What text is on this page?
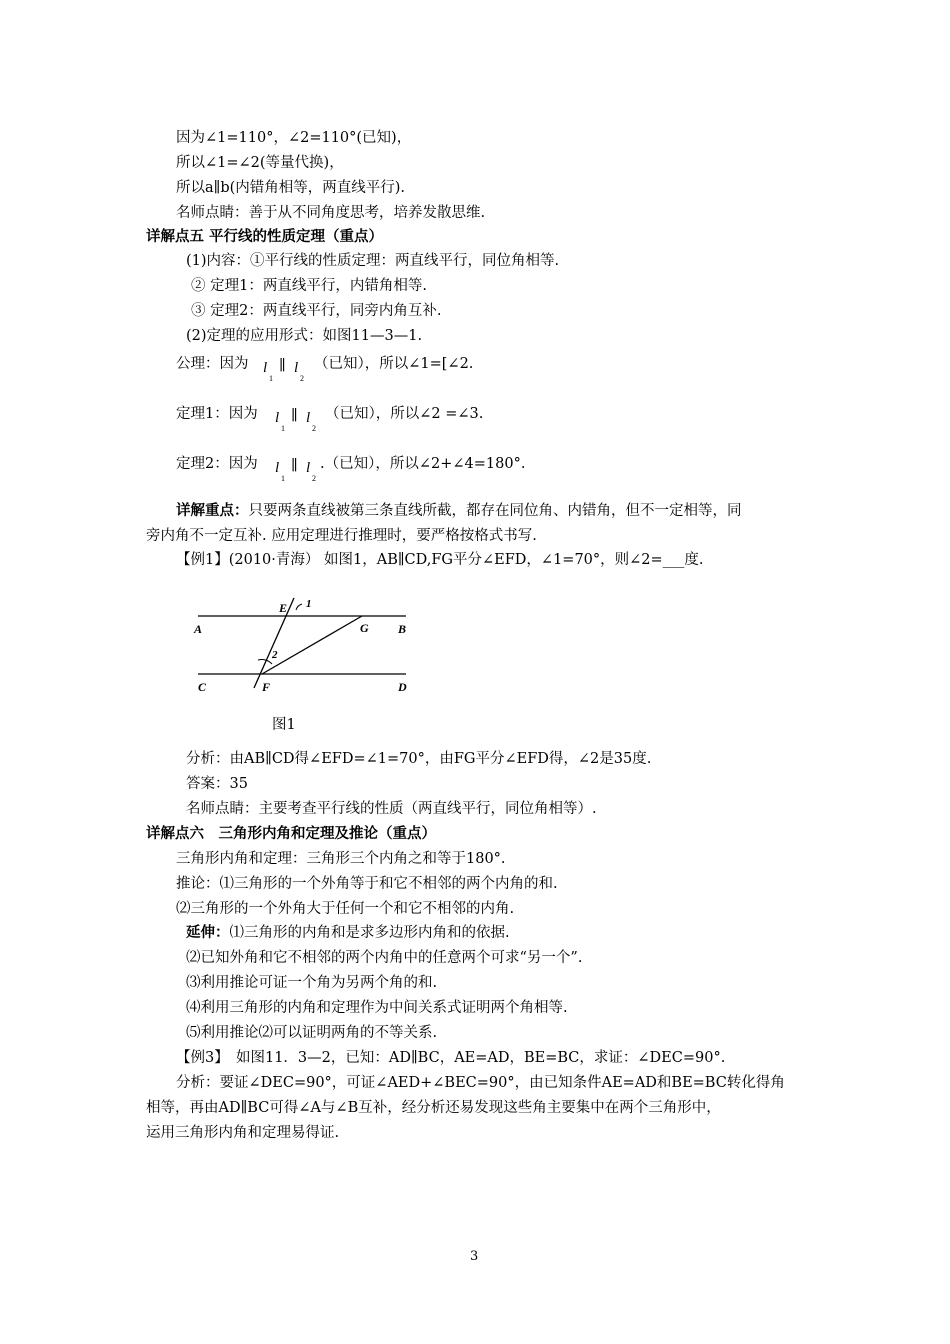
因为∠1=110°，∠2=110°(已知)，
所以∠1=∠2(等量代换)，
所以a∥b(内错角相等，两直线平行).
名师点睛：善于从不同角度思考，培养发散思维.
详解点五 平行线的性质定理（重点）
(1)内容：①平行线的性质定理：两直线平行，同位角相等.
② 定理1：两直线平行，内错角相等.
③ 定理2：两直线平行，同旁内角互补.
(2)定理的应用形式：如图11—3—1.
公理：因为 l
1
∥ l
2
（已知），所以∠1=[∠2.
定理1：因为 l
1
∥ l
2
（已知），所以∠2 =∠3.
定理2：因为 l
1
∥ l
2
.（已知），所以∠2+∠4=180°.
详解重点：只要两条直线被第三条直线所截，都存在同位角、内错角，但不一定相等，同
旁内角不一定互补. 应用定理进行推理时，要严格按格式书写.
【例1】(2010·青海） 如图1，AB∥CD,FG平分∠EFD，∠1=70°，则∠2=___度.
A	B
C	D
E
F
G
1
2
图1
分析：由AB∥CD得∠EFD=∠1=70°，由FG平分∠EFD得，∠2是35度.
答案：35
名师点睛：主要考查平行线的性质（两直线平行，同位角相等）.
详解点六　三角形内角和定理及推论（重点）
三角形内角和定理：三角形三个内角之和等于180°.
推论：⑴三角形的一个外角等于和它不相邻的两个内角的和.
⑵三角形的一个外角大于任何一个和它不相邻的内角.
延伸：⑴三角形的内角和是求多边形内角和的依据.
⑵已知外角和它不相邻的两个内角中的任意两个可求“另一个”.
⑶利用推论可证一个角为另两个角的和.
⑷利用三角形的内角和定理作为中间关系式证明两个角相等.
⑸利用推论⑵可以证明两角的不等关系.
【例3】　如图11．3—2，已知：AD∥BC，AE=AD，BE=BC，求证：∠DEC=90°.
分析：要证∠DEC=90°，可证∠AED+∠BEC=90°，由已知条件AE=AD和BE=BC转化得角
相等，再由AD∥BC可得∠A与∠B互补，经分析还易发现这些角主要集中在两个三角形中，
运用三角形内角和定理易得证.
3
